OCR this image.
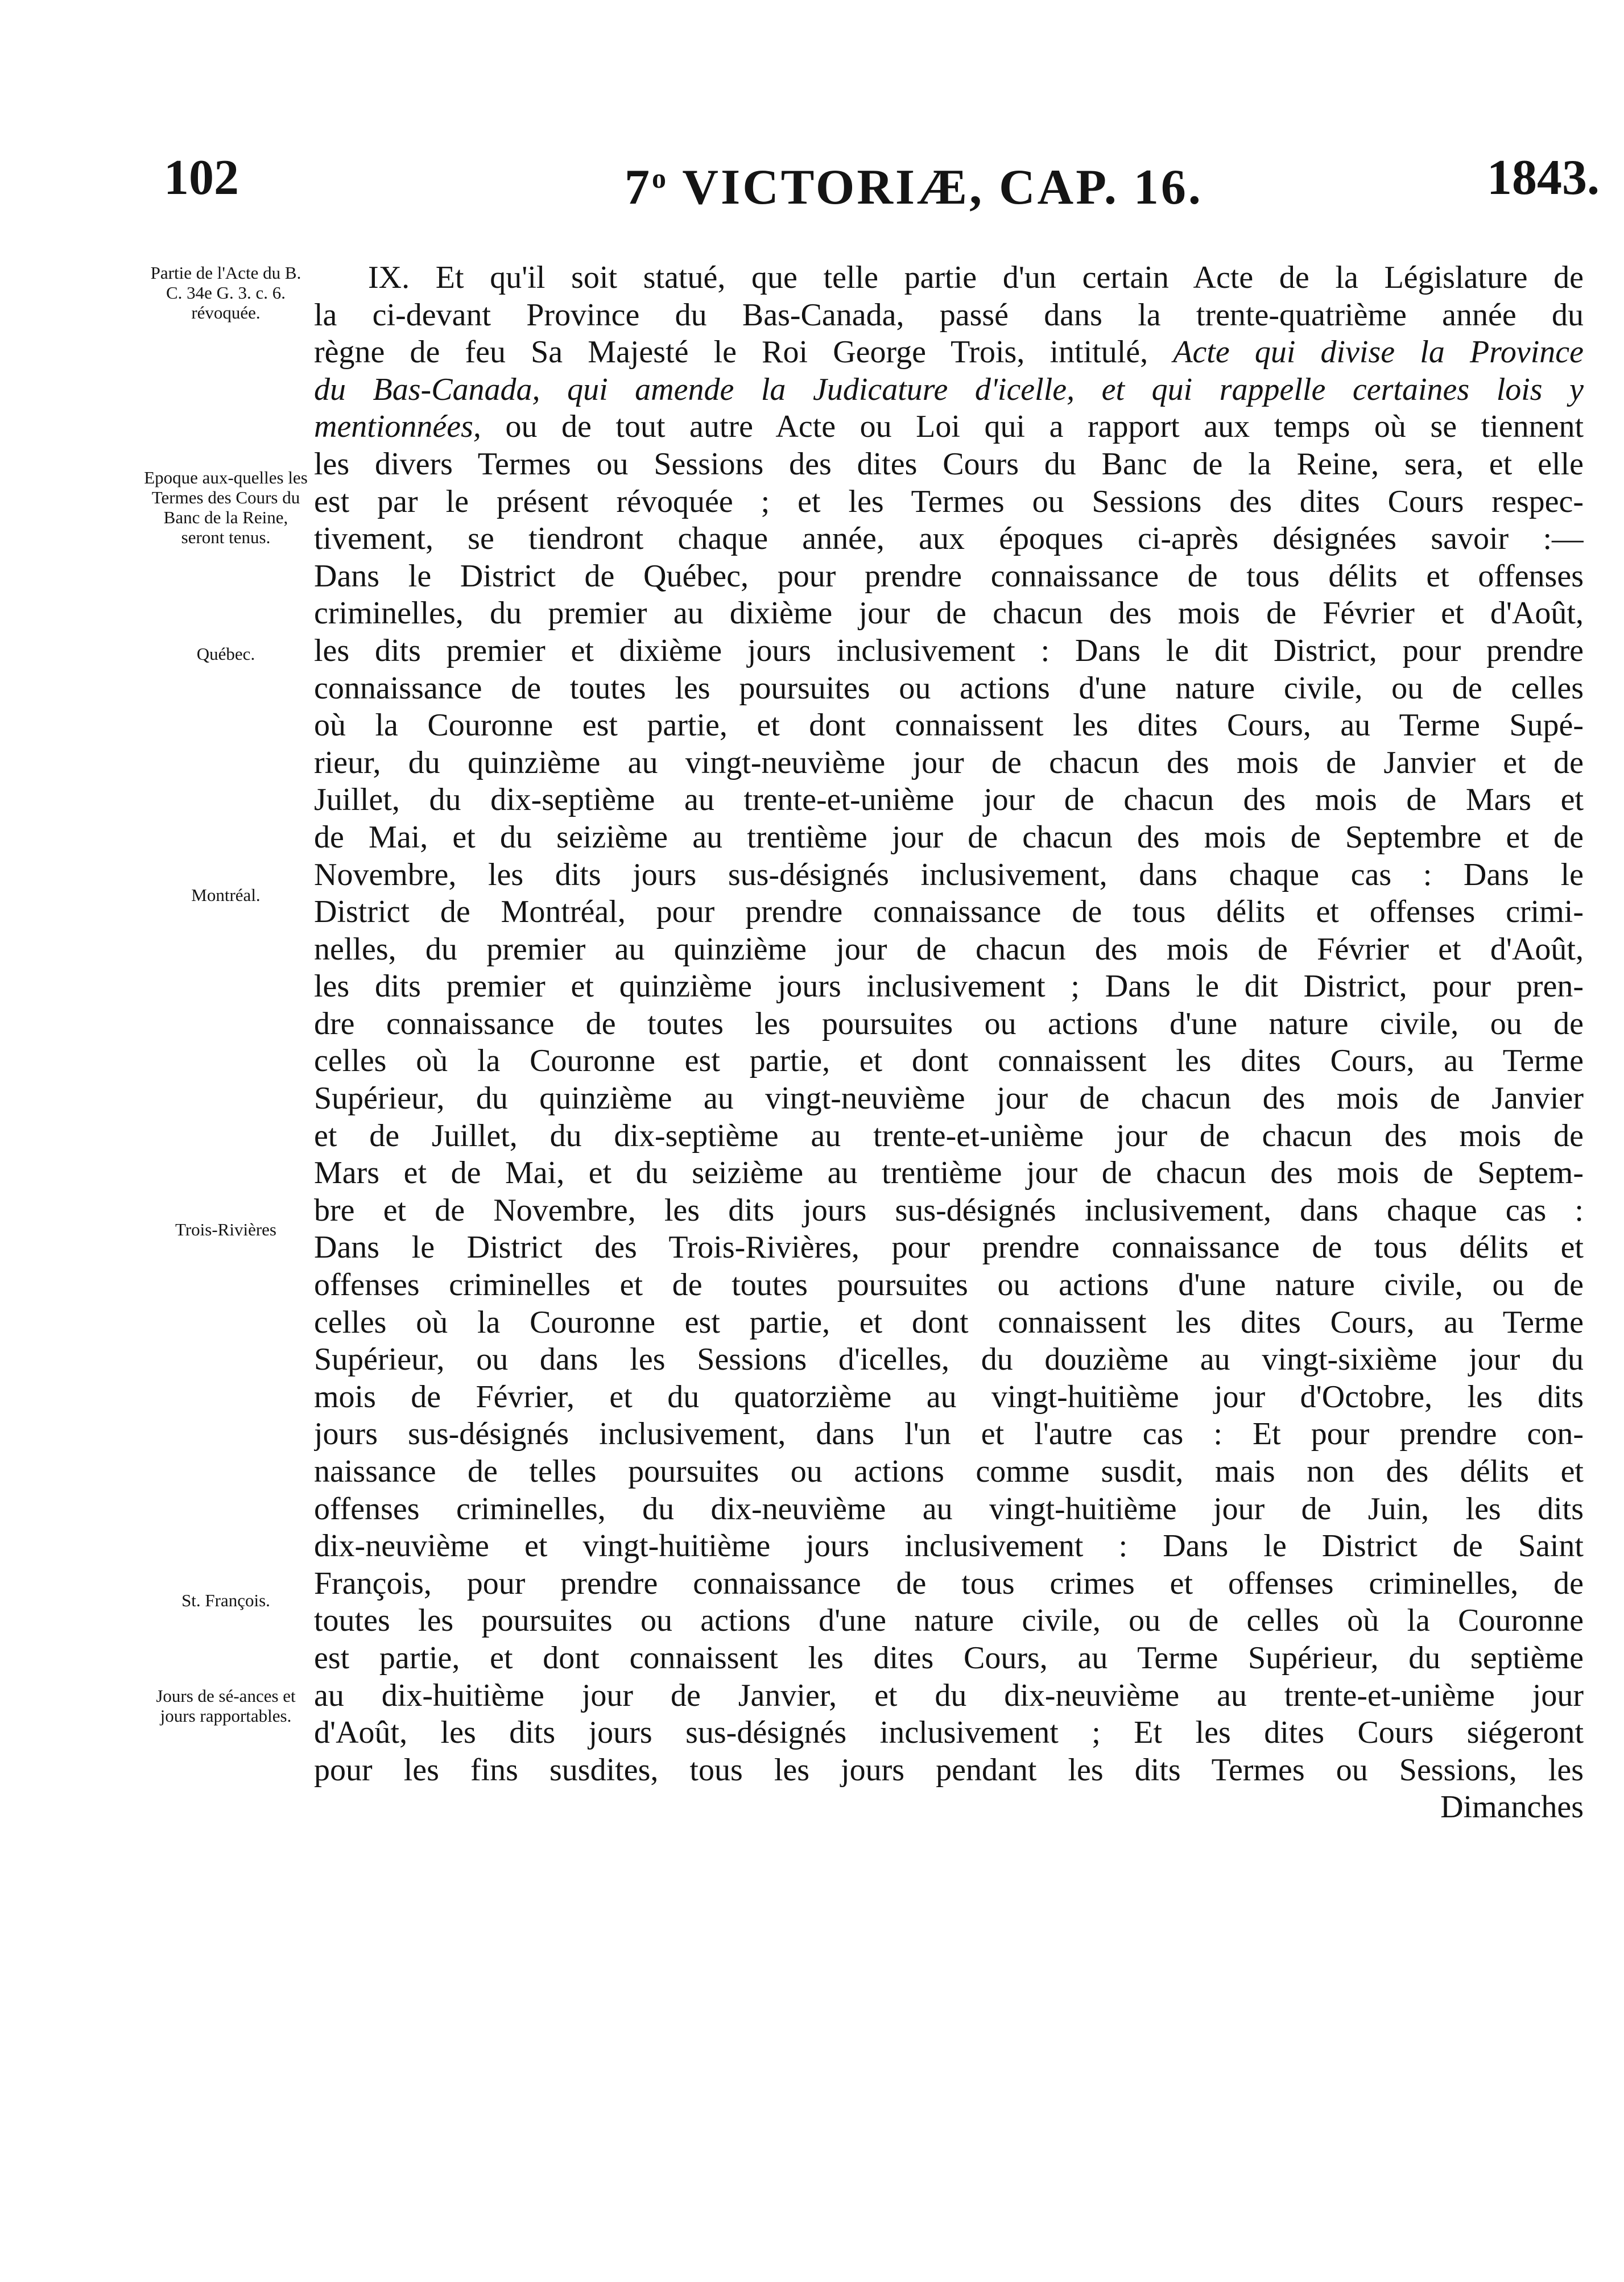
102	7$^o$ VICTORIÆ, CAP. 16.	1843.
Partie de l'Acte du B. C. 34e G. 3. c. 6. révoquée.
Epoque aux-quelles les Termes des Cours du Banc de la Reine, seront tenus.
Québec.
Montréal.
Trois-Rivières
St. François.
Jours de sé-ances et jours rapportables.
IX. Et qu'il soit statué, que telle partie d'un certain Acte de la Législature de
la ci-devant Province du Bas-Canada, passé dans la trente-quatrième année du
règne de feu Sa Majesté le Roi George Trois, intitulé, Acte qui divise la Province
du Bas-Canada, qui amende la Judicature d'icelle, et qui rappelle certaines lois y
mentionnées, ou de tout autre Acte ou Loi qui a rapport aux temps où se tiennent
les divers Termes ou Sessions des dites Cours du Banc de la Reine, sera, et elle
est par le présent révoquée ; et les Termes ou Sessions des dites Cours respec-
tivement, se tiendront chaque année, aux époques ci-après désignées savoir :—
Dans le District de Québec, pour prendre connaissance de tous délits et offenses
criminelles, du premier au dixième jour de chacun des mois de Février et d'Août,
les dits premier et dixième jours inclusivement : Dans le dit District, pour prendre
connaissance de toutes les poursuites ou actions d'une nature civile, ou de celles
où la Couronne est partie, et dont connaissent les dites Cours, au Terme Supé-
rieur, du quinzième au vingt-neuvième jour de chacun des mois de Janvier et de
Juillet, du dix-septième au trente-et-unième jour de chacun des mois de Mars et
de Mai, et du seizième au trentième jour de chacun des mois de Septembre et de
Novembre, les dits jours sus-désignés inclusivement, dans chaque cas : Dans le
District de Montréal, pour prendre connaissance de tous délits et offenses crimi-
nelles, du premier au quinzième jour de chacun des mois de Février et d'Août,
les dits premier et quinzième jours inclusivement ; Dans le dit District, pour pren-
dre connaissance de toutes les poursuites ou actions d'une nature civile, ou de
celles où la Couronne est partie, et dont connaissent les dites Cours, au Terme
Supérieur, du quinzième au vingt-neuvième jour de chacun des mois de Janvier
et de Juillet, du dix-septième au trente-et-unième jour de chacun des mois de
Mars et de Mai, et du seizième au trentième jour de chacun des mois de Septem-
bre et de Novembre, les dits jours sus-désignés inclusivement, dans chaque cas :
Dans le District des Trois-Rivières, pour prendre connaissance de tous délits et
offenses criminelles et de toutes poursuites ou actions d'une nature civile, ou de
celles où la Couronne est partie, et dont connaissent les dites Cours, au Terme
Supérieur, ou dans les Sessions d'icelles, du douzième au vingt-sixième jour du
mois de Février, et du quatorzième au vingt-huitième jour d'Octobre, les dits
jours sus-désignés inclusivement, dans l'un et l'autre cas : Et pour prendre con-
naissance de telles poursuites ou actions comme susdit, mais non des délits et
offenses criminelles, du dix-neuvième au vingt-huitième jour de Juin, les dits
dix-neuvième et vingt-huitième jours inclusivement : Dans le District de Saint
François, pour prendre connaissance de tous crimes et offenses criminelles, de
toutes les poursuites ou actions d'une nature civile, ou de celles où la Couronne
est partie, et dont connaissent les dites Cours, au Terme Supérieur, du septième
au dix-huitième jour de Janvier, et du dix-neuvième au trente-et-unième jour
d'Août, les dits jours sus-désignés inclusivement ; Et les dites Cours siégeront
pour les fins susdites, tous les jours pendant les dits Termes ou Sessions, les
Dimanches
